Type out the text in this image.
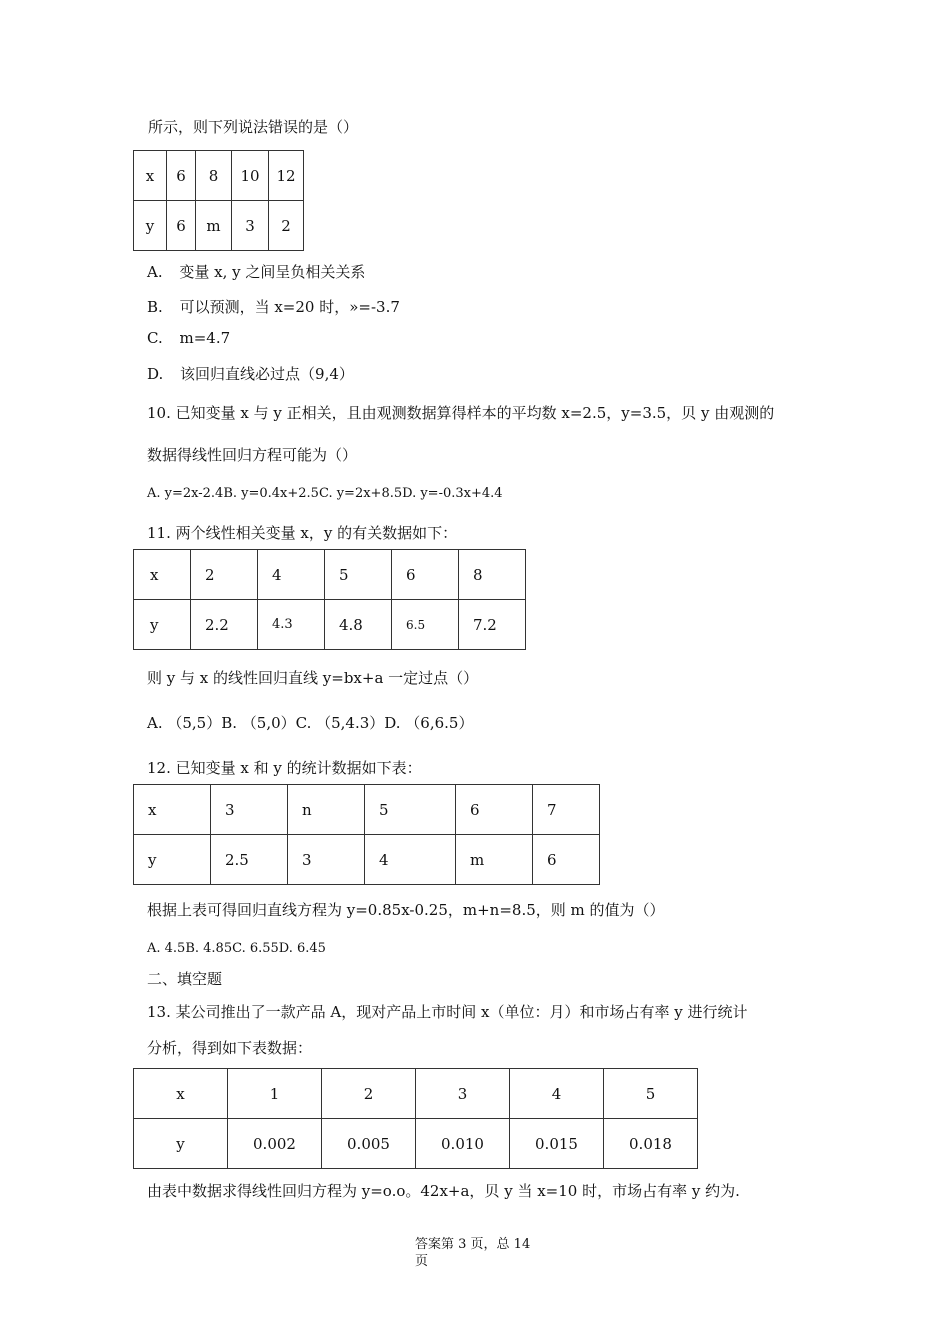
所示，则下列说法错误的是（）
x	6	8	10	12
y	6	m	3	2
A. 变量 x, y 之间呈负相关关系
B. 可以预测，当 x=20 时，»=-3.7
C. m=4.7
D. 该回归直线必过点（9,4）
10. 已知变量 x 与 y 正相关，且由观测数据算得样本的平均数 x=2.5，y=3.5，贝 y 由观测的
数据得线性回归方程可能为（）
A. y=2x-2.4B. y=0.4x+2.5C. y=2x+8.5D. y=-0.3x+4.4
11. 两个线性相关变量 x，y 的有关数据如下：
x	2	4	5	6	8
y	2.2	4.3	4.8	6.5	7.2
则 y 与 x 的线性回归直线 y=bx+a 一定过点（）
A. （5,5）B. （5,0）C. （5,4.3）D. （6,6.5）
12. 已知变量 x 和 y 的统计数据如下表：
x	3	n	5	6	7
y	2.5	3	4	m	6
根据上表可得回归直线方程为 y=0.85x-0.25，m+n=8.5，则 m 的值为（）
A. 4.5B. 4.85C. 6.55D. 6.45
二、填空题
13. 某公司推出了一款产品 A，现对产品上市时间 x（单位：月）和市场占有率 y 进行统计
分析，得到如下表数据：
x	1	2	3	4	5
y	0.002	0.005	0.010	0.015	0.018
由表中数据求得线性回归方程为 y=o.o。42x+a，贝 y 当 x=10 时，市场占有率 y 约为.
答案第 3 页，总 14
页
